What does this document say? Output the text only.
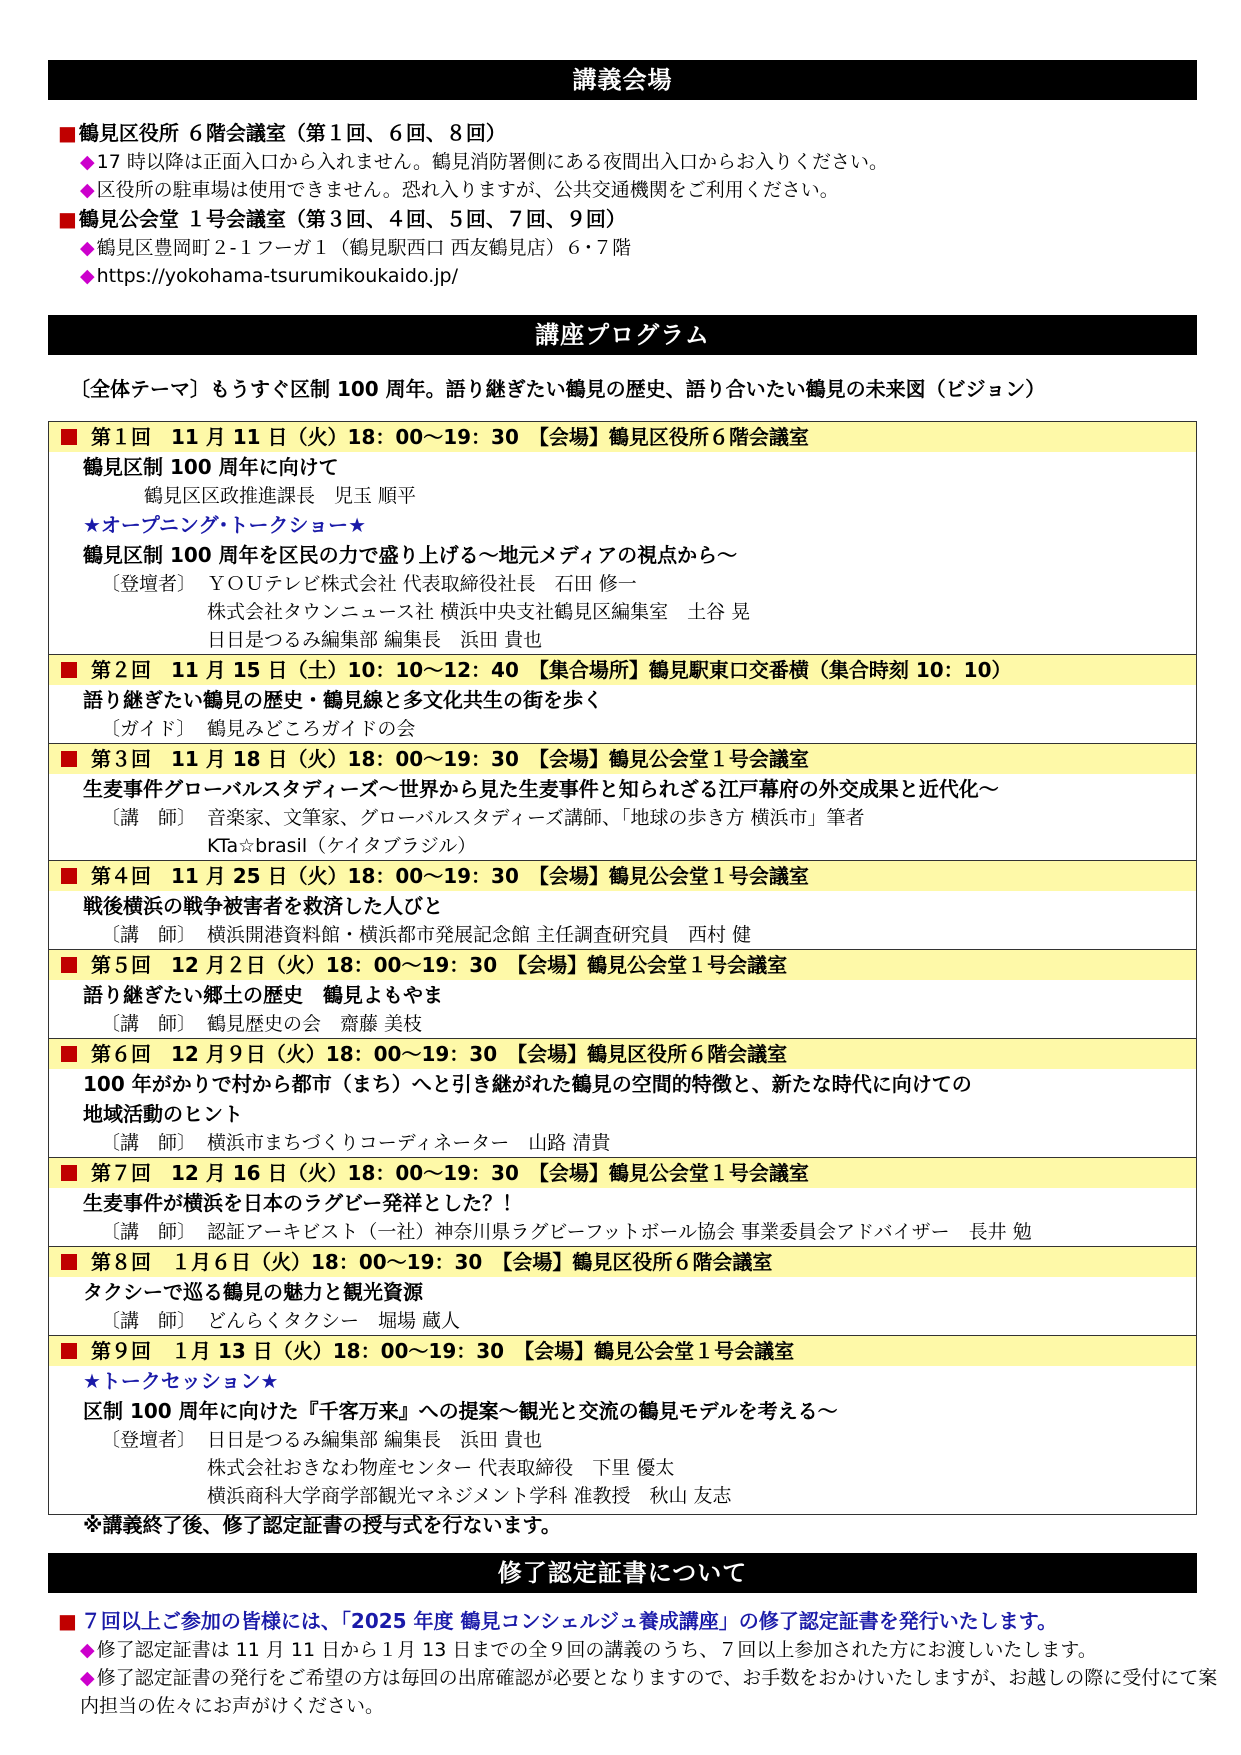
講義会場
■ 鶴見区役所 ６階会議室（第１回、６回、８回）
◆ 17 時以降は正面入口から入れません。鶴見消防署側にある夜間出入口からお入りください。
◆ 区役所の駐車場は使用できません。恐れ入りますが、公共交通機関をご利用ください。
■ 鶴見公会堂 １号会議室（第３回、４回、５回、７回、９回）
◆ 鶴見区豊岡町２-１フーガ１（鶴見駅西口 西友鶴見店）６･７階
◆ https://yokohama-tsurumikoukaido.jp/
講座プログラム
〔全体テーマ〕もうすぐ区制 100 周年。語り継ぎたい鶴見の歴史、語り合いたい鶴見の未来図（ビジョン）
第１回　11 月 11 日（火）18：00〜19：30　【会場】鶴見区役所６階会議室
鶴見区制 100 周年に向けて
　鶴見区区政推進課長　児玉 順平
★オープニング･トークショー★
鶴見区制 100 周年を区民の力で盛り上げる〜地元メディアの視点から〜
〔登壇者〕 ＹＯＵテレビ株式会社 代表取締役社長　石田 修一
株式会社タウンニュース社 横浜中央支社鶴見区編集室　土谷 晃
日日是つるみ編集部 編集長　浜田 貴也
第２回　11 月 15 日（土）10：10〜12：40　【集合場所】鶴見駅東口交番横（集合時刻 10：10）
語り継ぎたい鶴見の歴史・鶴見線と多文化共生の街を歩く
〔ガイド〕 鶴見みどころガイドの会
第３回　11 月 18 日（火）18：00〜19：30　【会場】鶴見公会堂１号会議室
生麦事件グローバルスタディーズ〜世界から見た生麦事件と知られざる江戸幕府の外交成果と近代化〜
〔講　師〕 音楽家、文筆家、グローバルスタディーズ講師、「地球の歩き方 横浜市」筆者
KTa☆brasil（ケイタブラジル）
第４回　11 月 25 日（火）18：00〜19：30　【会場】鶴見公会堂１号会議室
戦後横浜の戦争被害者を救済した人びと
〔講　師〕 横浜開港資料館・横浜都市発展記念館 主任調査研究員　西村 健
第５回　12 月２日（火）18：00〜19：30　【会場】鶴見公会堂１号会議室
語り継ぎたい郷土の歴史　鶴見よもやま
〔講　師〕 鶴見歴史の会　齋藤 美枝
第６回　12 月９日（火）18：00〜19：30　【会場】鶴見区役所６階会議室
100 年がかりで村から都市（まち）へと引き継がれた鶴見の空間的特徴と、新たな時代に向けての
地域活動のヒント
〔講　師〕 横浜市まちづくりコーディネーター　山路 清貴
第７回　12 月 16 日（火）18：00〜19：30　【会場】鶴見公会堂１号会議室
生麦事件が横浜を日本のラグビー発祥とした？！
〔講　師〕 認証アーキビスト（一社）神奈川県ラグビーフットボール協会 事業委員会アドバイザー　長井 勉
第８回　１月６日（火）18：00〜19：30　【会場】鶴見区役所６階会議室
タクシーで巡る鶴見の魅力と観光資源
〔講　師〕 どんらくタクシー　堀場 蔵人
第９回　１月 13 日（火）18：00〜19：30　【会場】鶴見公会堂１号会議室
★トークセッション★
区制 100 周年に向けた『千客万来』への提案〜観光と交流の鶴見モデルを考える〜
〔登壇者〕 日日是つるみ編集部 編集長　浜田 貴也
株式会社おきなわ物産センター 代表取締役　下里 優太
横浜商科大学商学部観光マネジメント学科 准教授　秋山 友志
※講義終了後、修了認定証書の授与式を行ないます。
修了認定証書について
■ ７回以上ご参加の皆様には、「2025 年度 鶴見コンシェルジュ養成講座」の修了認定証書を発行いたします。
◆ 修了認定証書は 11 月 11 日から１月 13 日までの全９回の講義のうち、７回以上参加された方にお渡しいたします。
◆ 修了認定証書の発行をご希望の方は毎回の出席確認が必要となりますので、お手数をおかけいたしますが、お越しの際に受付にて案内担当の佐々にお声がけください。
